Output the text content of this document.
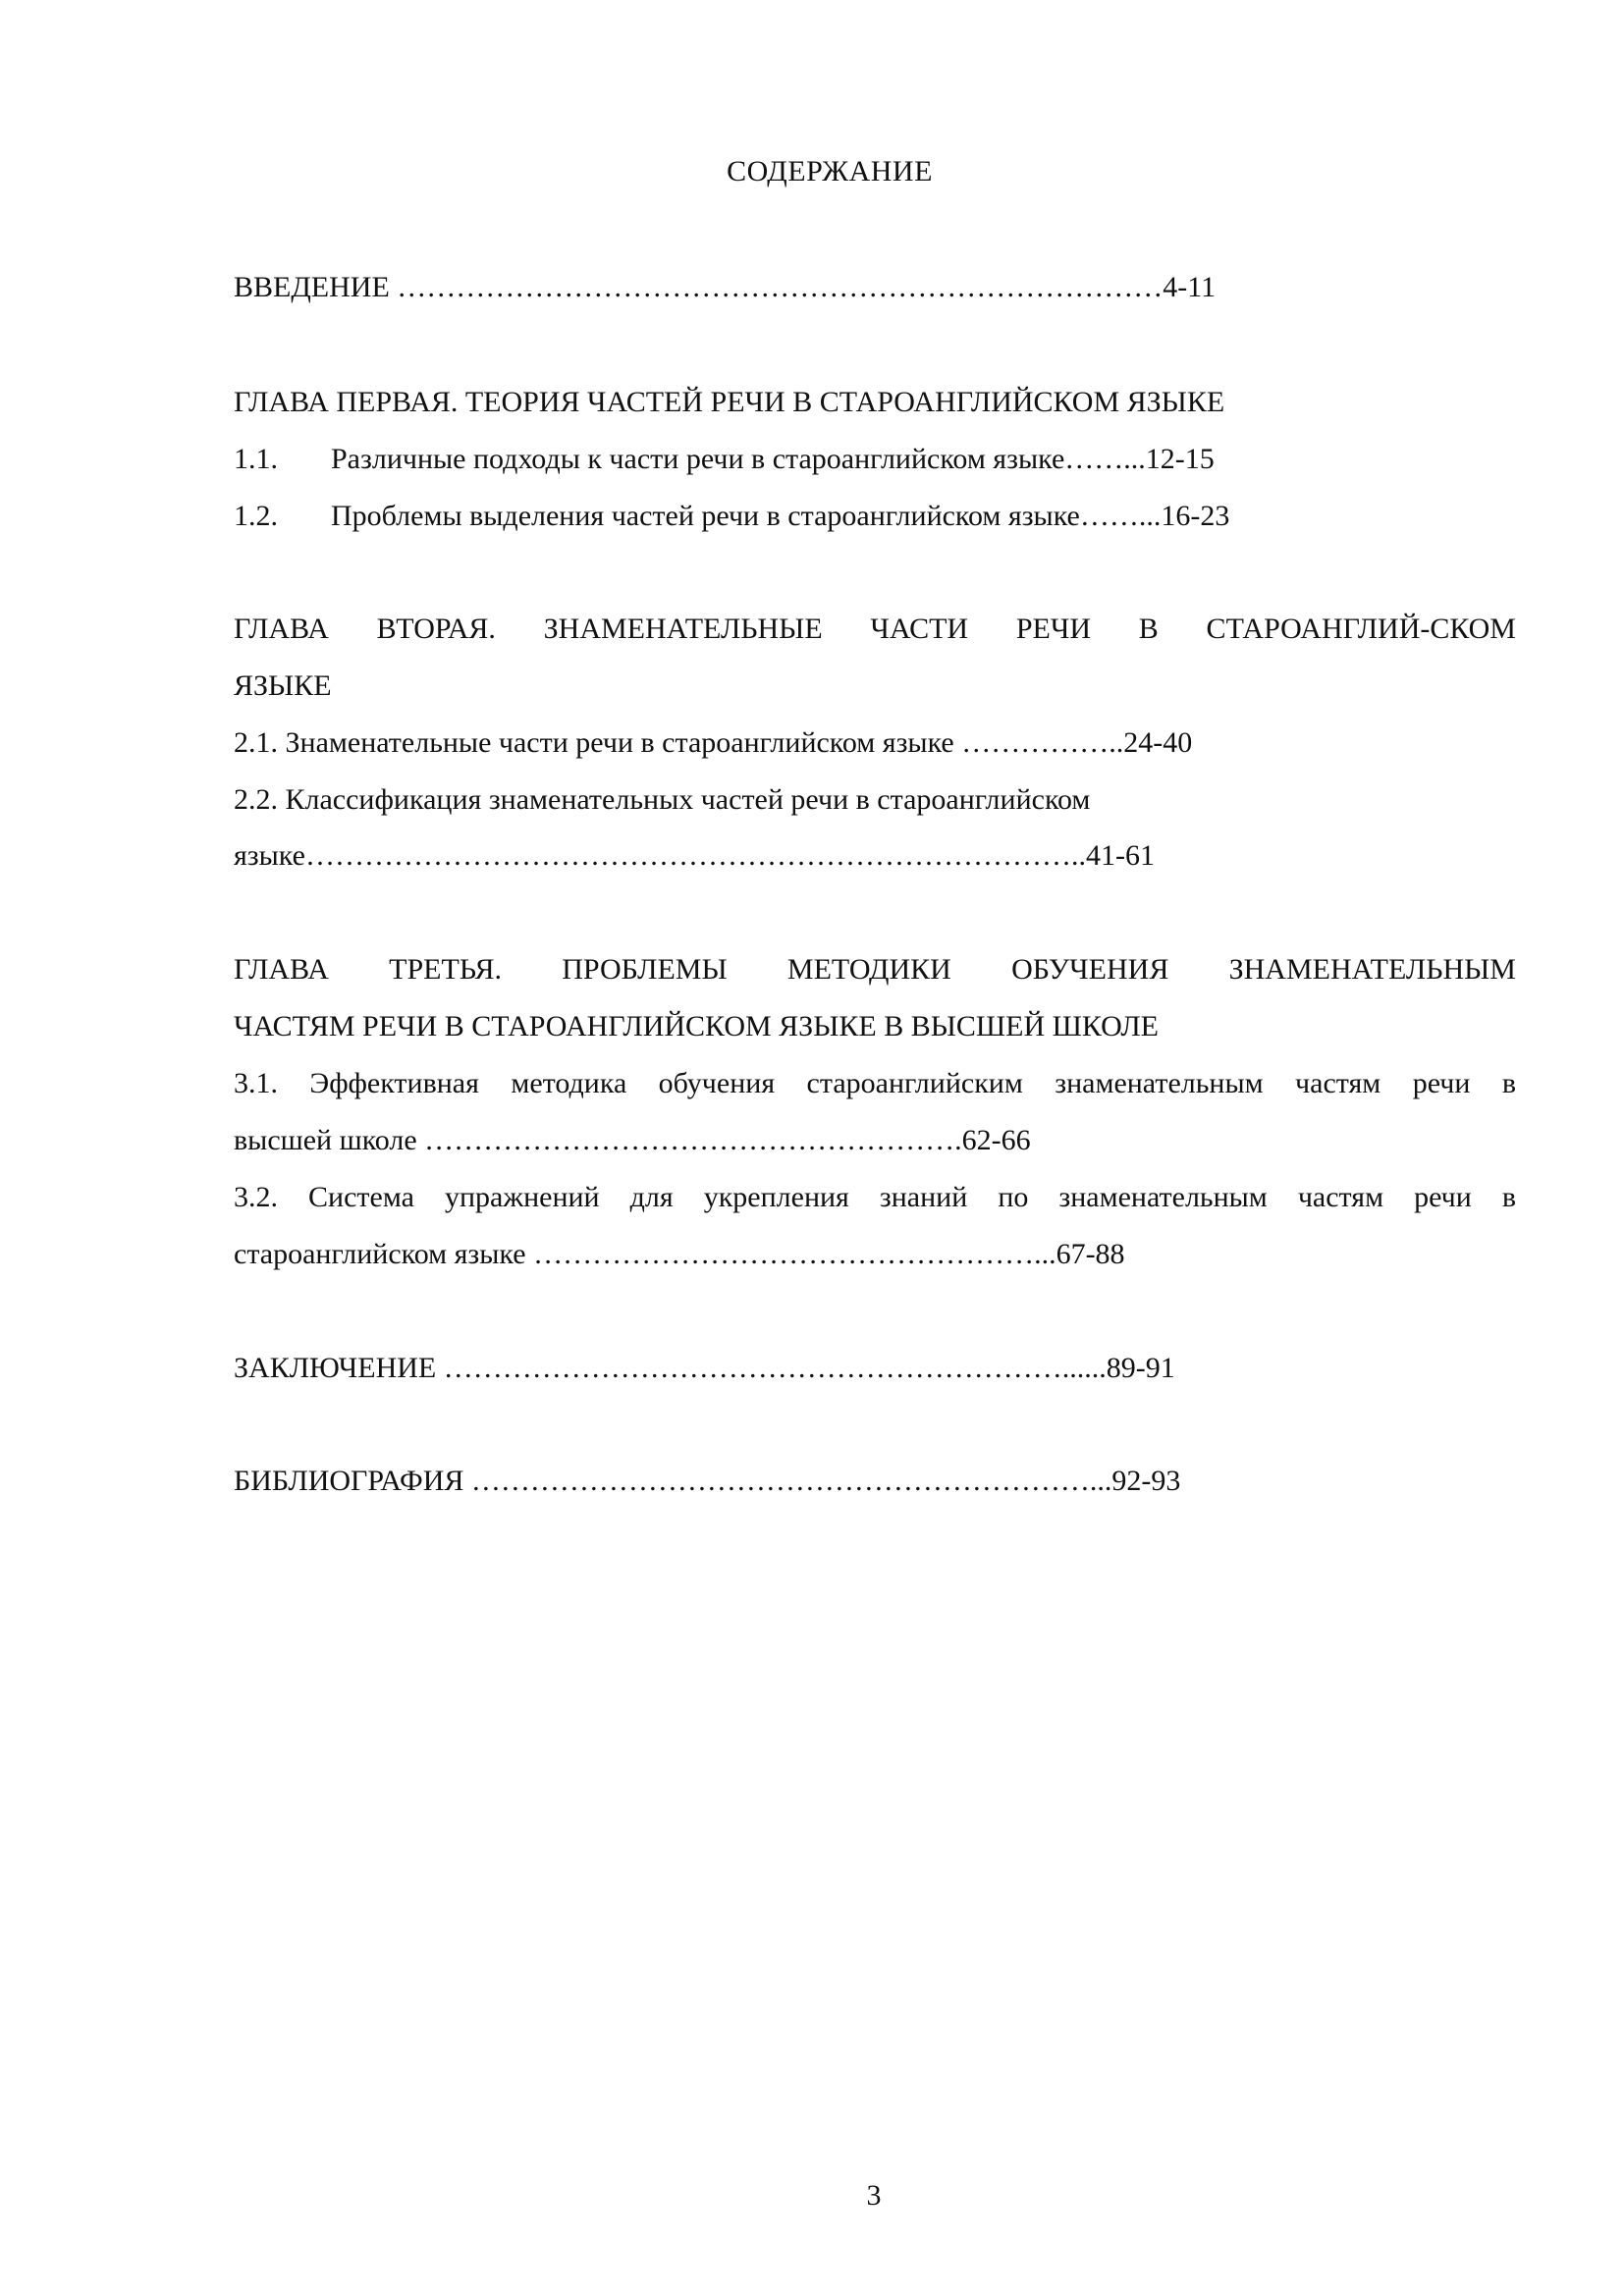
СОДЕРЖАНИЕ
ВВЕДЕНИЕ ……………………………………………………………………4-11
ГЛАВА ПЕРВАЯ. ТЕОРИЯ ЧАСТЕЙ РЕЧИ В СТАРОАНГЛИЙСКОМ ЯЗЫКЕ
1.1. Различные подходы к части речи в староанглийском языке……...12-15
1.2. Проблемы выделения частей речи в староанглийском языке……...16-23
ГЛАВА ВТОРАЯ. ЗНАМЕНАТЕЛЬНЫЕ ЧАСТИ РЕЧИ В СТАРОАНГЛИЙ-СКОМ
ЯЗЫКЕ
2.1. Знаменательные части речи в староанглийском языке ……………..24-40
2.2. Классификация знаменательных частей речи в староанглийском
языке……………………………………………………………………..41-61
ГЛАВА ТРЕТЬЯ. ПРОБЛЕМЫ МЕТОДИКИ ОБУЧЕНИЯ ЗНАМЕНАТЕЛЬНЫМ
ЧАСТЯМ РЕЧИ В СТАРОАНГЛИЙСКОМ ЯЗЫКЕ В ВЫСШЕЙ ШКОЛЕ
3.1. Эффективная методика обучения староанглийским знаменательным частям речи в
высшей школе ……………………………………………….62-66
3.2. Система упражнений для укрепления знаний по знаменательным частям речи в
староанглийском языке ……………………………………………...67-88
ЗАКЛЮЧЕНИЕ ………………………………………………………......89-91
БИБЛИОГРАФИЯ ………………………………………………………...92-93
3
